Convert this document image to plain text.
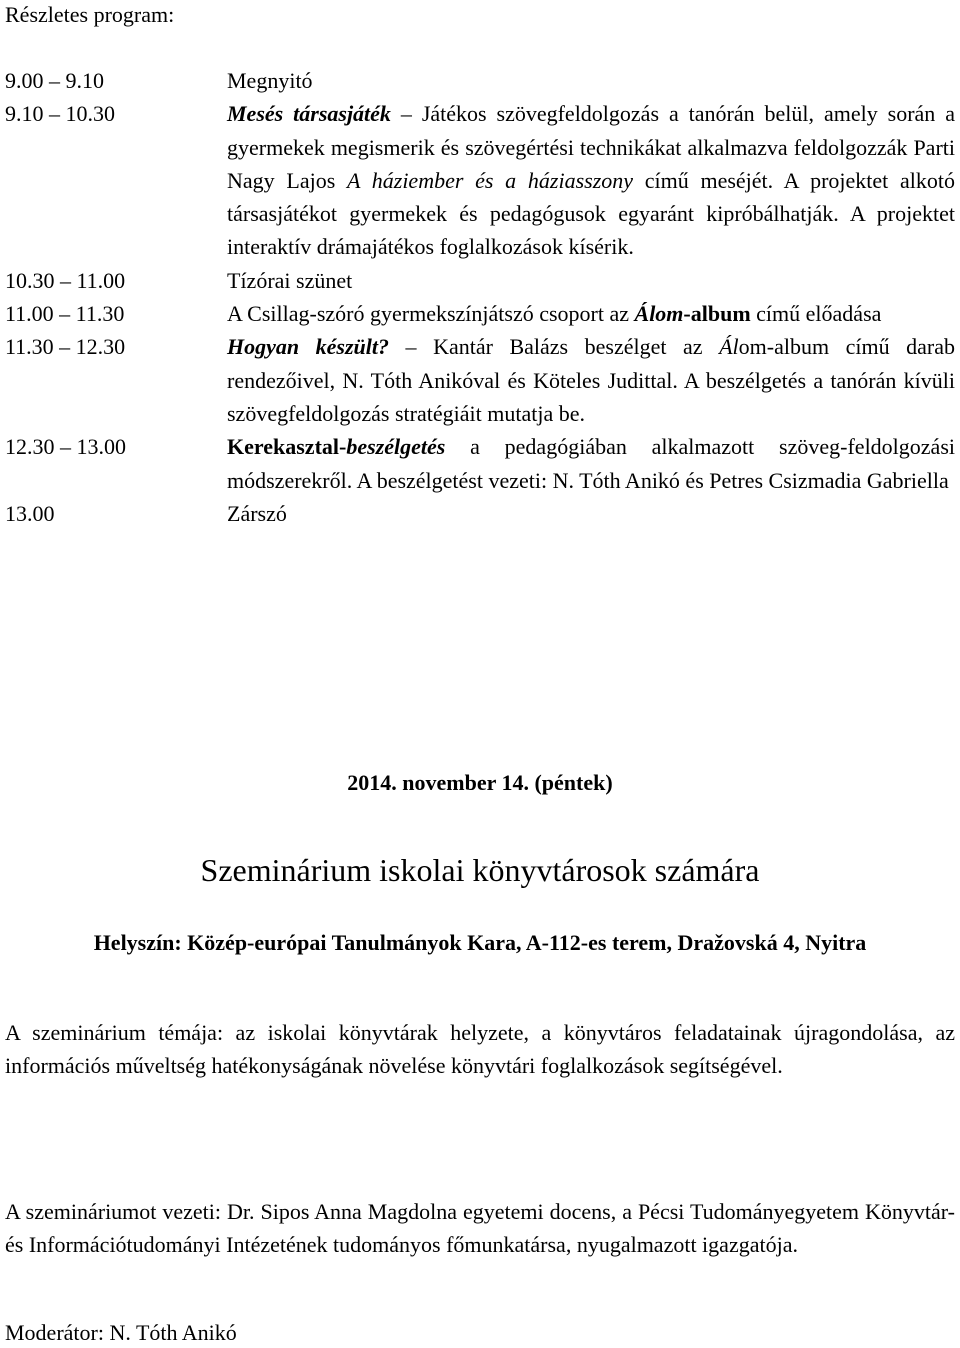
Részletes program:
9.00 – 9.10	Megnyitó
9.10 – 10.30	Mesés társasjáték – Játékos szövegfeldolgozás a tanórán belül, amely során a gyermekek megismerik és szövegértési technikákat alkalmazva feldolgozzák Parti Nagy Lajos A háziember és a háziasszony című meséjét. A projektet alkotó társasjátékot gyermekek és pedagógusok egyaránt kipróbálhatják. A projektet interaktív drámajátékos foglalkozások kísérik.
10.30 – 11.00	Tízórai szünet
11.00 – 11.30	A Csillag-szóró gyermekszínjátszó csoport az Álom-album című előadása
11.30 – 12.30	Hogyan készült? – Kantár Balázs beszélget az Álom-album című darab rendezőivel, N. Tóth Anikóval és Köteles Judittal. A beszélgetés a tanórán kívüli szövegfeldolgozás stratégiáit mutatja be.
12.30 – 13.00	Kerekasztal-beszélgetés a pedagógiában alkalmazott szöveg-feldolgozási módszerekről. A beszélgetést vezeti: N. Tóth Anikó és Petres Csizmadia Gabriella
13.00	Zárszó
2014. november 14. (péntek)
Szeminárium iskolai könyvtárosok számára
Helyszín: Közép-európai Tanulmányok Kara, A-112-es terem, Dražovská 4, Nyitra
A szeminárium témája: az iskolai könyvtárak helyzete, a könyvtáros feladatainak újragondolása, az információs műveltség hatékonyságának növelése könyvtári foglalkozások segítségével.
A szemináriumot vezeti: Dr. Sipos Anna Magdolna egyetemi docens, a Pécsi Tudományegyetem Könyvtár- és Információtudományi Intézetének tudományos főmunkatársa, nyugalmazott igazgatója.
Moderátor: N. Tóth Anikó
